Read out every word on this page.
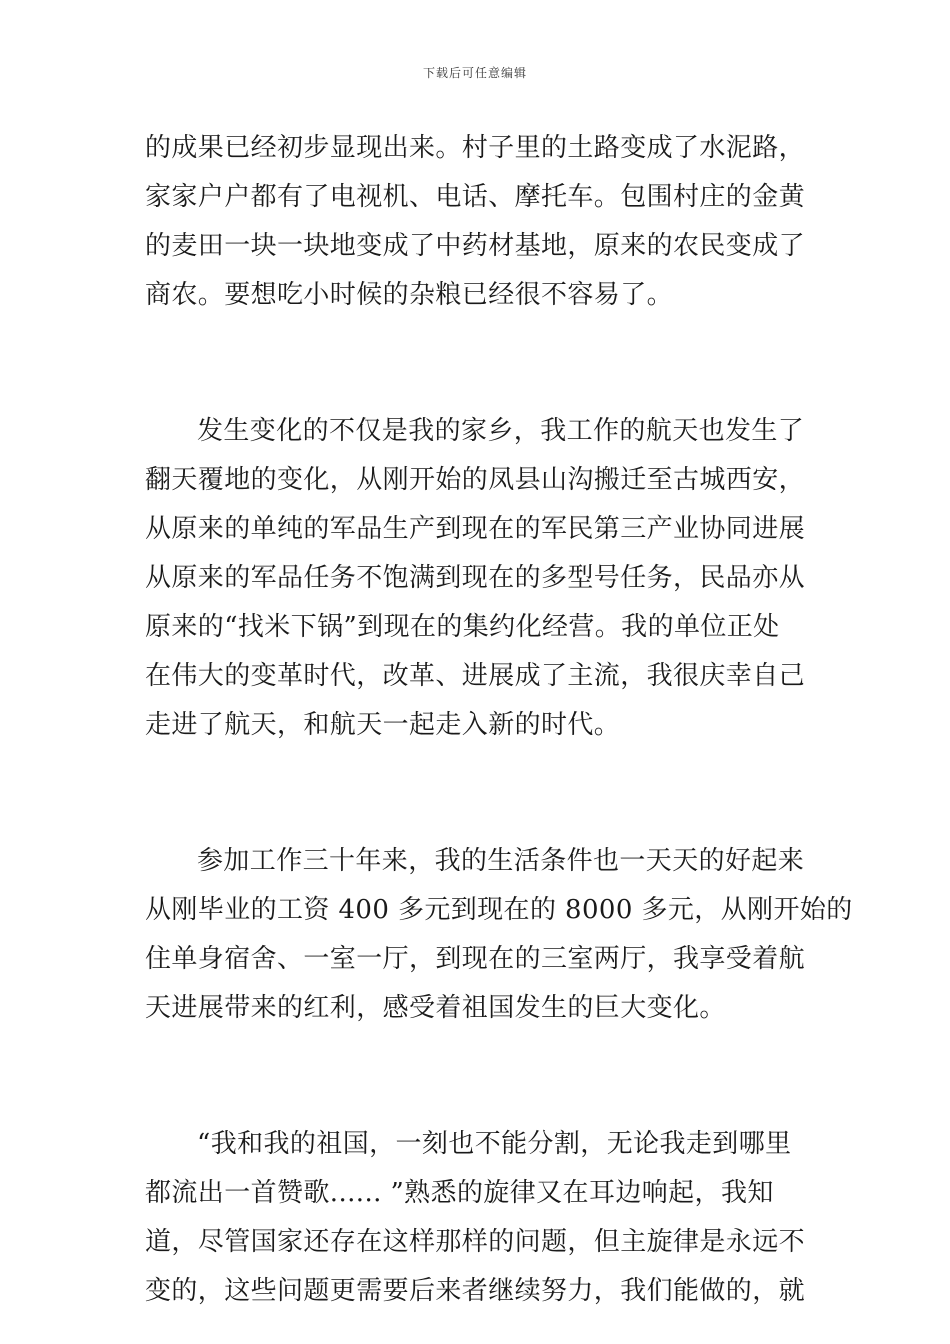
下载后可任意编辑
的成果已经初步显现出来。村子里的土路变成了水泥路，
家家户户都有了电视机、电话、摩托车。包围村庄的金黄
的麦田一块一块地变成了中药材基地，原来的农民变成了
商农。要想吃小时候的杂粮已经很不容易了。
发生变化的不仅是我的家乡，我工作的航天也发生了
翻天覆地的变化，从刚开始的凤县山沟搬迁至古城西安，
从原来的单纯的军品生产到现在的军民第三产业协同进展
从原来的军品任务不饱满到现在的多型号任务，民品亦从
原来的“找米下锅”到现在的集约化经营。我的单位正处
在伟大的变革时代，改革、进展成了主流，我很庆幸自己
走进了航天，和航天一起走入新的时代。
参加工作三十年来，我的生活条件也一天天的好起来
从刚毕业的工资 400 多元到现在的 8000 多元，从刚开始的
住单身宿舍、一室一厅，到现在的三室两厅，我享受着航
天进展带来的红利，感受着祖国发生的巨大变化。
“我和我的祖国，一刻也不能分割，无论我走到哪里
都流出一首赞歌...... ”熟悉的旋律又在耳边响起，我知
道，尽管国家还存在这样那样的问题，但主旋律是永远不
变的，这些问题更需要后来者继续努力，我们能做的，就
